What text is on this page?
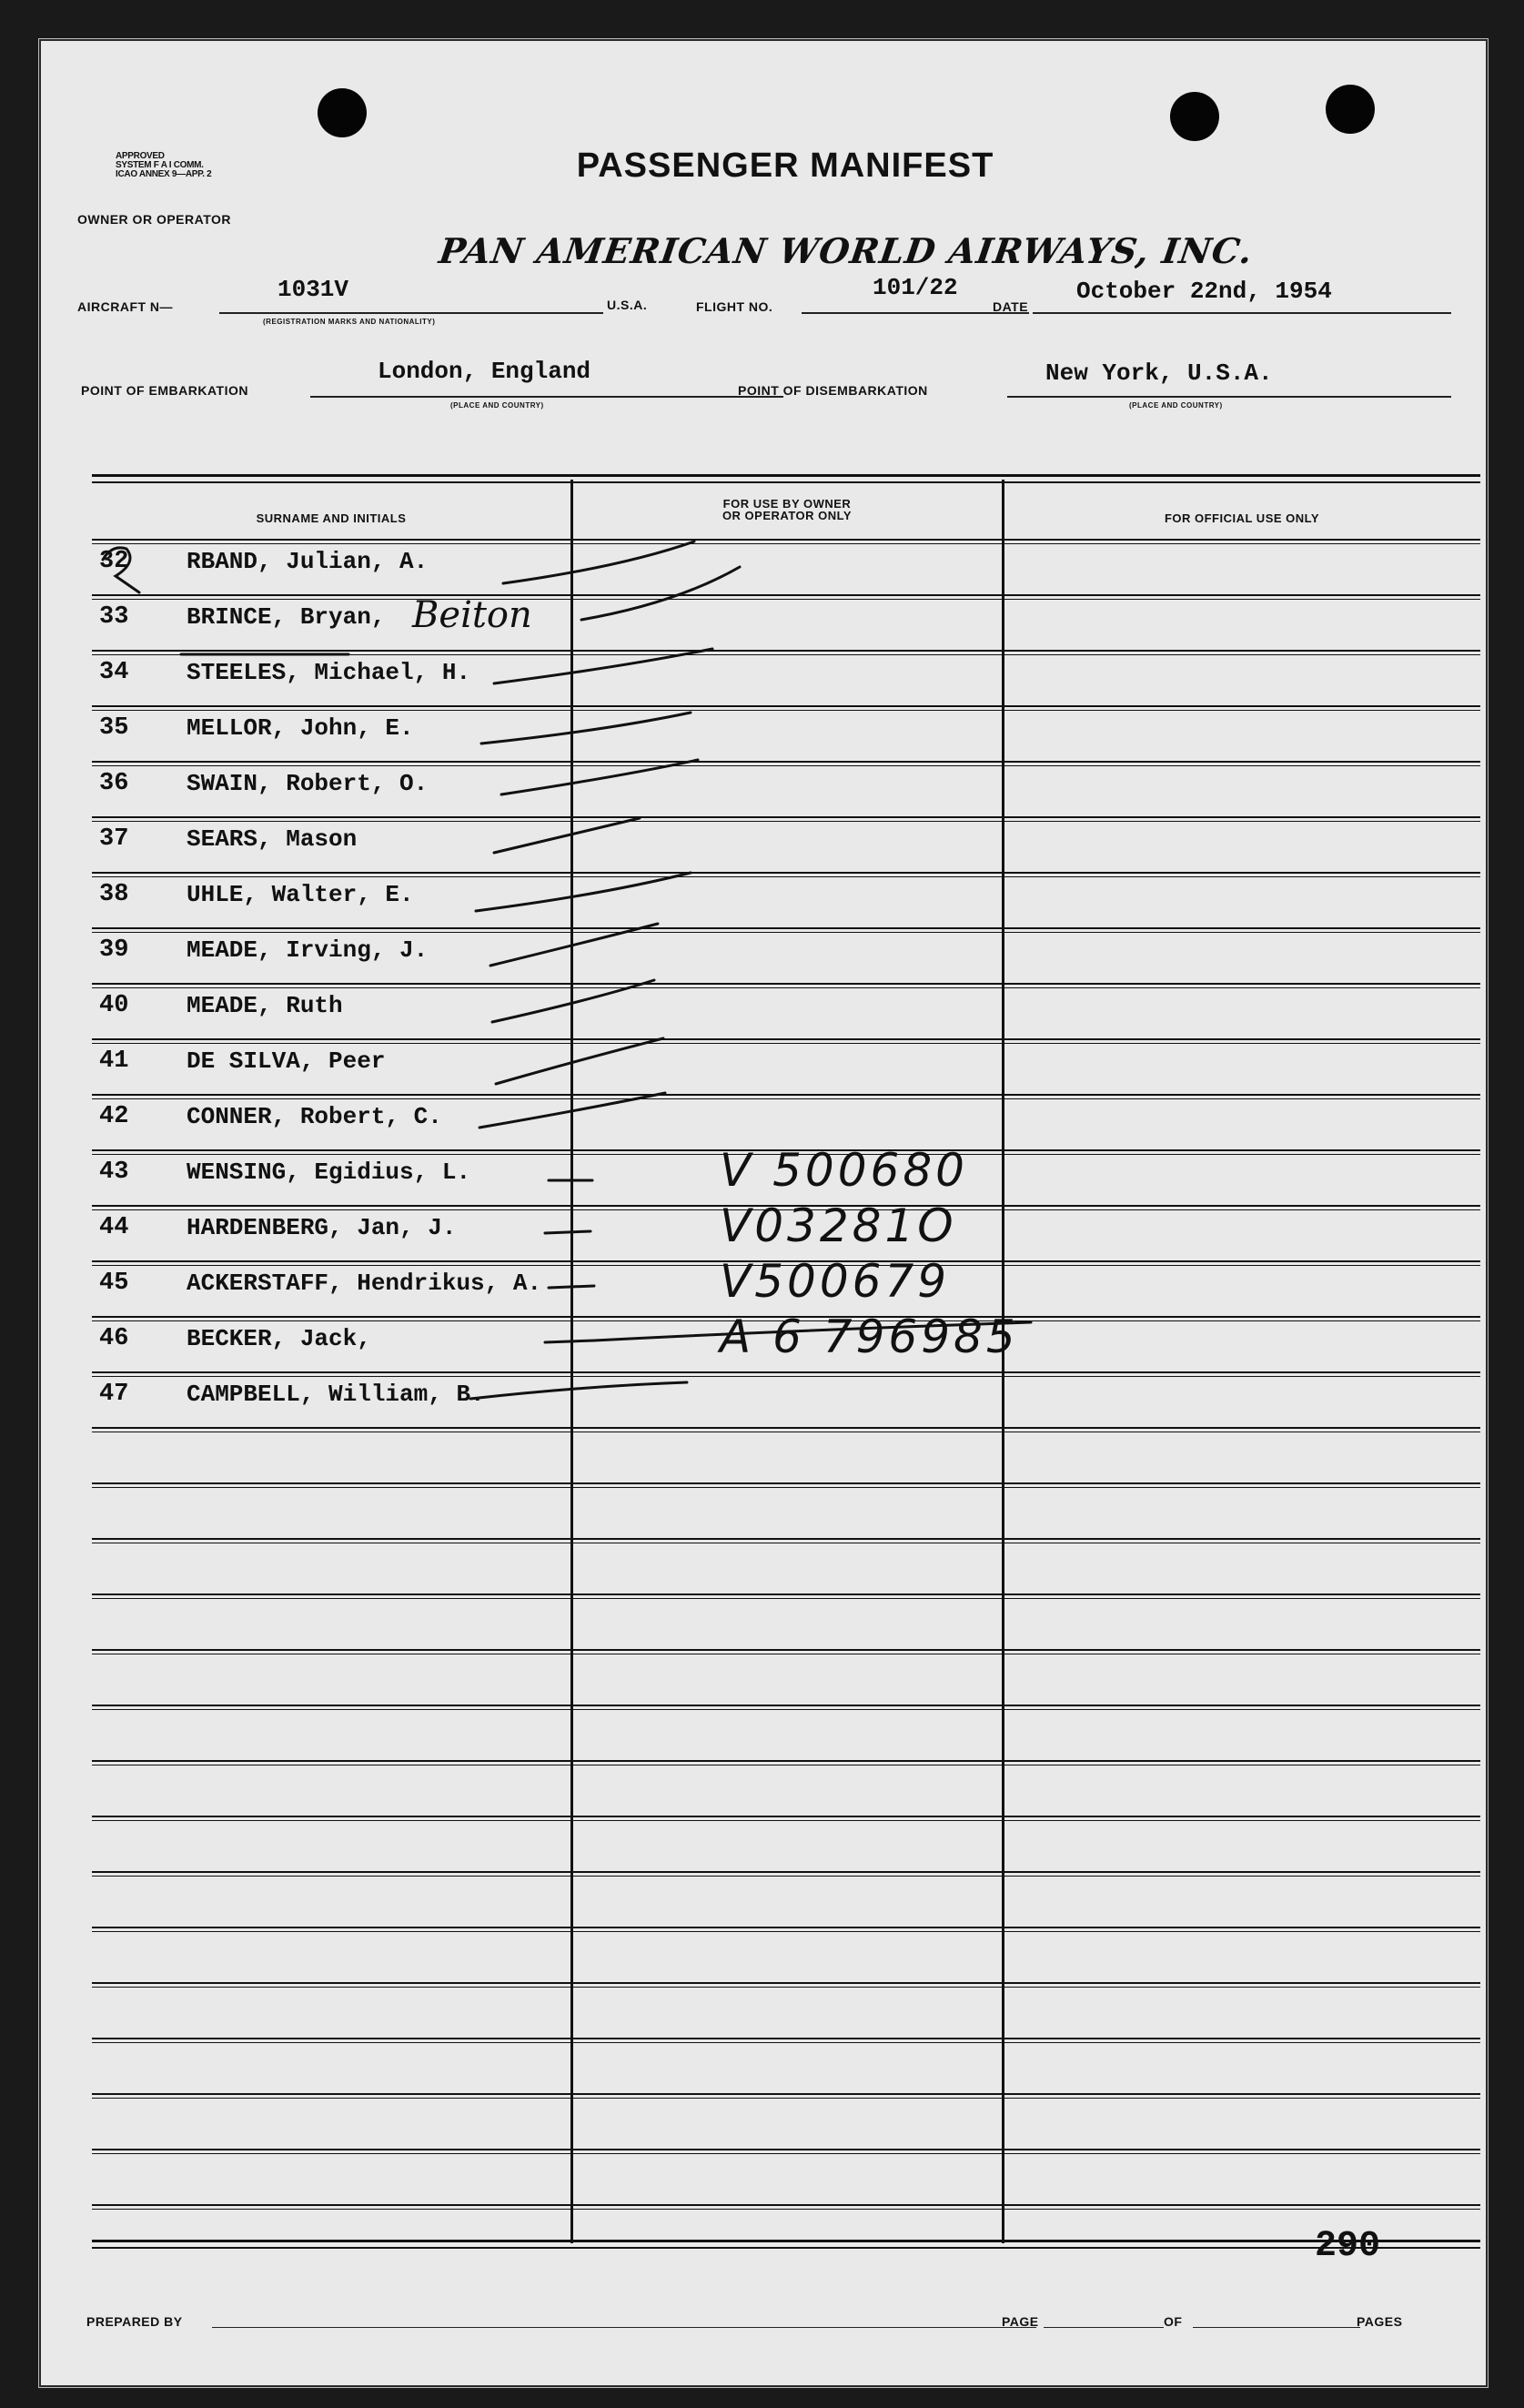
APPROVED
SYSTEM F A I COMM.
ICAO ANNEX 9—APP. 2	PASSENGER MANIFEST
OWNER OR OPERATOR
PAN AMERICAN WORLD AIRWAYS, INC.
AIRCRAFT N—
1031V
(REGISTRATION MARKS AND NATIONALITY)
U.S.A.	FLIGHT NO.
101/22
DATE
October 22nd, 1954
POINT OF EMBARKATION
London, England
(PLACE AND COUNTRY)
POINT OF DISEMBARKATION
New York, U.S.A.
(PLACE AND COUNTRY)
SURNAME AND INITIALS
FOR USE BY OWNER
OR OPERATOR ONLY	FOR OFFICIAL USE ONLY
32 RBAND, Julian, A.
33 BRINCE, Bryan, Beiton
34 STEELES, Michael, H.
35 MELLOR, John, E.
36 SWAIN, Robert, O.
37 SEARS, Mason
38 UHLE, Walter, E.
39 MEADE, Irving, J.
40 MEADE, Ruth
41 DE SILVA, Peer
42 CONNER, Robert, C.
43 WENSING, Egidius, L.	V 500680
44 HARDENBERG, Jan, J.	V03281O
45 ACKERSTAFF, Hendrikus, A.	V500679
46 BECKER, Jack,	A 6 796985
47 CAMPBELL, William, B.
290
PREPARED BY	PAGE	OF	PAGES
